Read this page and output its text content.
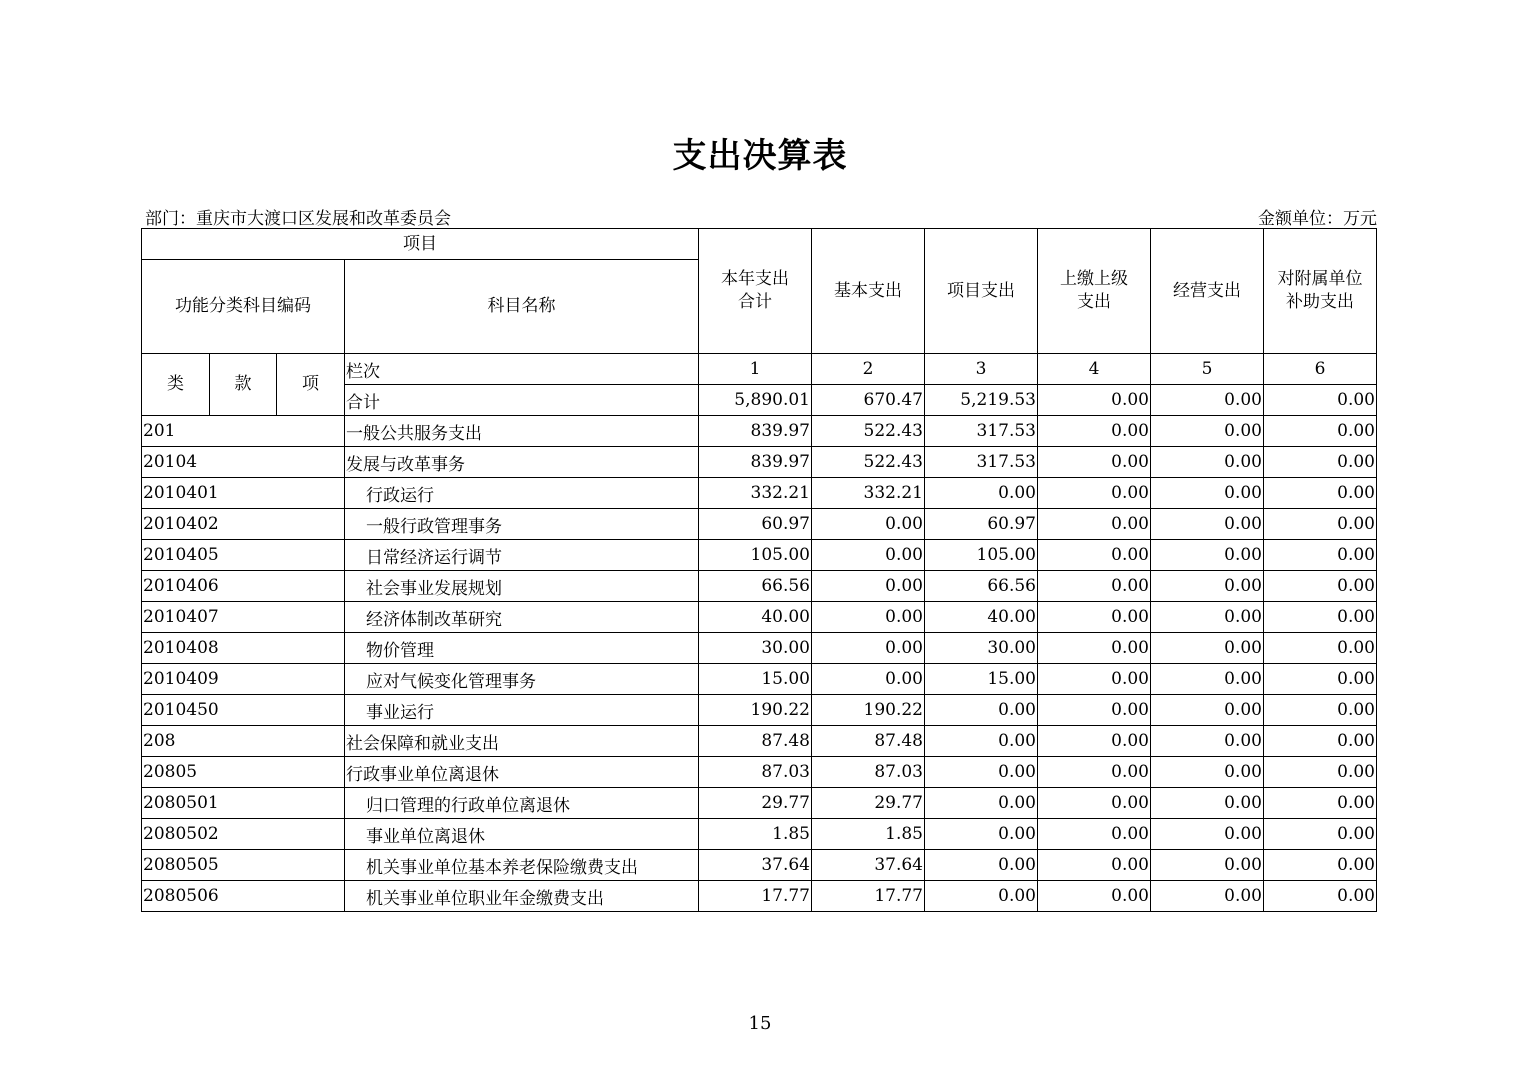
支出决算表
部门：重庆市大渡口区发展和改革委员会	金额单位：万元
项目				本年支出合计	基本支出	项目支出	上缴上级支出	经营支出	对附属单位补助支出
功能分类科目编码			科目名称						
类	款	项	栏次	1	2	3	4	5	6
			合计	5,890.01	670.47	5,219.53	0.00	0.00	0.00
201			一般公共服务支出	839.97	522.43	317.53	0.00	0.00	0.00
20104			发展与改革事务	839.97	522.43	317.53	0.00	0.00	0.00
2010401			行政运行	332.21	332.21	0.00	0.00	0.00	0.00
2010402			一般行政管理事务	60.97	0.00	60.97	0.00	0.00	0.00
2010405			日常经济运行调节	105.00	0.00	105.00	0.00	0.00	0.00
2010406			社会事业发展规划	66.56	0.00	66.56	0.00	0.00	0.00
2010407			经济体制改革研究	40.00	0.00	40.00	0.00	0.00	0.00
2010408			物价管理	30.00	0.00	30.00	0.00	0.00	0.00
2010409			应对气候变化管理事务	15.00	0.00	15.00	0.00	0.00	0.00
2010450			事业运行	190.22	190.22	0.00	0.00	0.00	0.00
208			社会保障和就业支出	87.48	87.48	0.00	0.00	0.00	0.00
20805			行政事业单位离退休	87.03	87.03	0.00	0.00	0.00	0.00
2080501			归口管理的行政单位离退休	29.77	29.77	0.00	0.00	0.00	0.00
2080502			事业单位离退休	1.85	1.85	0.00	0.00	0.00	0.00
2080505			机关事业单位基本养老保险缴费支出	37.64	37.64	0.00	0.00	0.00	0.00
2080506			机关事业单位职业年金缴费支出	17.77	17.77	0.00	0.00	0.00	0.00
15
